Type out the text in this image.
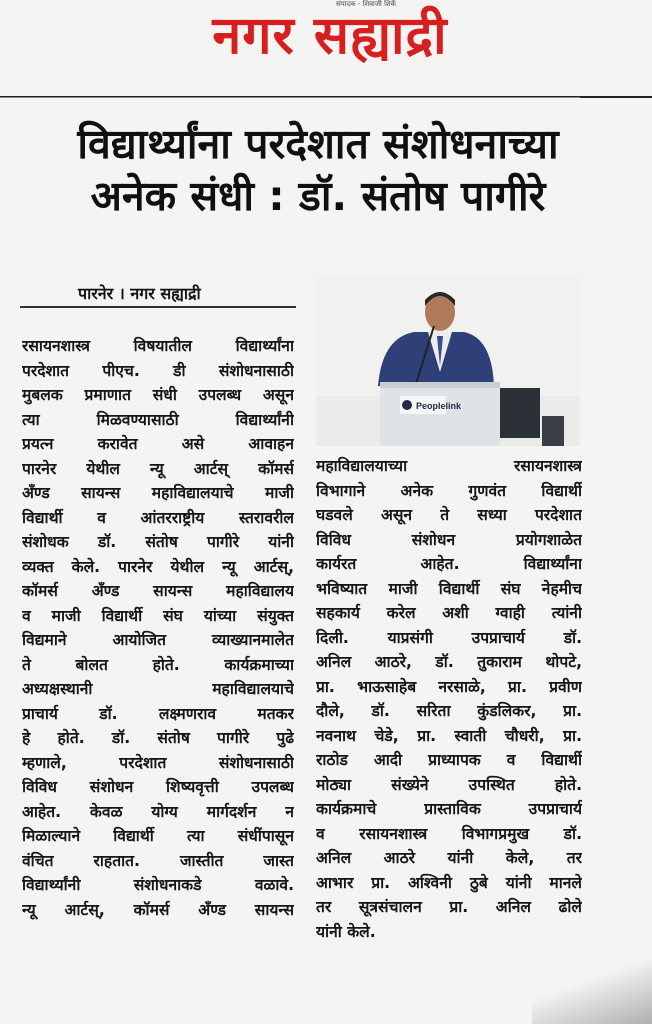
संपादक - शिवाजी शिर्के
नगर सह्याद्री
विद्यार्थ्यांना परदेशात संशोधनाच्या
अनेक संधी : डॉ. संतोष पागीरे
पारनेर । नगर सह्याद्री
Peoplelink
रसायनशास्त्र विषयातील विद्यार्थ्यांना
परदेशात पीएच. डी संशोधनासाठी
मुबलक प्रमाणात संधी उपलब्ध असून
त्या मिळवण्यासाठी विद्यार्थ्यांनी
प्रयत्न करावेत असे आवाहन
पारनेर येथील न्यू आर्टस्‌ कॉमर्स
अँण्ड सायन्स महाविद्यालयाचे माजी
विद्यार्थी व आंतरराष्ट्रीय स्तरावरील
संशोधक डॉ. संतोष पागीरे यांनी
व्यक्त केले. पारनेर येथील न्यू आर्टस्‌,
कॉमर्स अँण्ड सायन्स महाविद्यालय
व माजी विद्यार्थी संघ यांच्या संयुक्त
विद्यमाने आयोजित व्याख्यानमालेत
ते बोलत होते. कार्यक्रमाच्या
अध्यक्षस्थानी महाविद्यालयाचे
प्राचार्य डॉ. लक्ष्मणराव मतकर
हे होते. डॉ. संतोष पागीरे पुढे
म्हणाले, परदेशात संशोधनासाठी
विविध संशोधन शिष्यवृत्ती उपलब्ध
आहेत. केवळ योग्य मार्गदर्शन न
मिळाल्याने विद्यार्थी त्या संधींपासून
वंचित राहतात. जास्तीत जास्त
विद्यार्थ्यांनी संशोधनाकडे वळावे.
न्यू आर्टस्‌, कॉमर्स अँण्ड सायन्स
महाविद्यालयाच्या रसायनशास्त्र
विभागाने अनेक गुणवंत विद्यार्थी
घडवले असून ते सध्या परदेशात
विविध संशोधन प्रयोगशाळेत
कार्यरत आहेत. विद्यार्थ्यांना
भविष्यात माजी विद्यार्थी संघ नेहमीच
सहकार्य करेल अशी ग्वाही त्यांनी
दिली. याप्रसंगी उपप्राचार्य डॉ.
अनिल आठरे, डॉ. तुकाराम थोपटे,
प्रा. भाऊसाहेब नरसाळे, प्रा. प्रवीण
दौले, डॉ. सरिता कुंडलिकर, प्रा.
नवनाथ चेडे, प्रा. स्वाती चौधरी, प्रा.
राठोड आदी प्राध्यापक व विद्यार्थी
मोठ्या संख्येने उपस्थित होते.
कार्यक्रमाचे प्रास्ताविक उपप्राचार्य
व रसायनशास्त्र विभागप्रमुख डॉ.
अनिल आठरे यांनी केले, तर
आभार प्रा. अश्विनी ठुबे यांनी मानले
तर सूत्रसंचालन प्रा. अनिल ढोले
यांनी केले.
